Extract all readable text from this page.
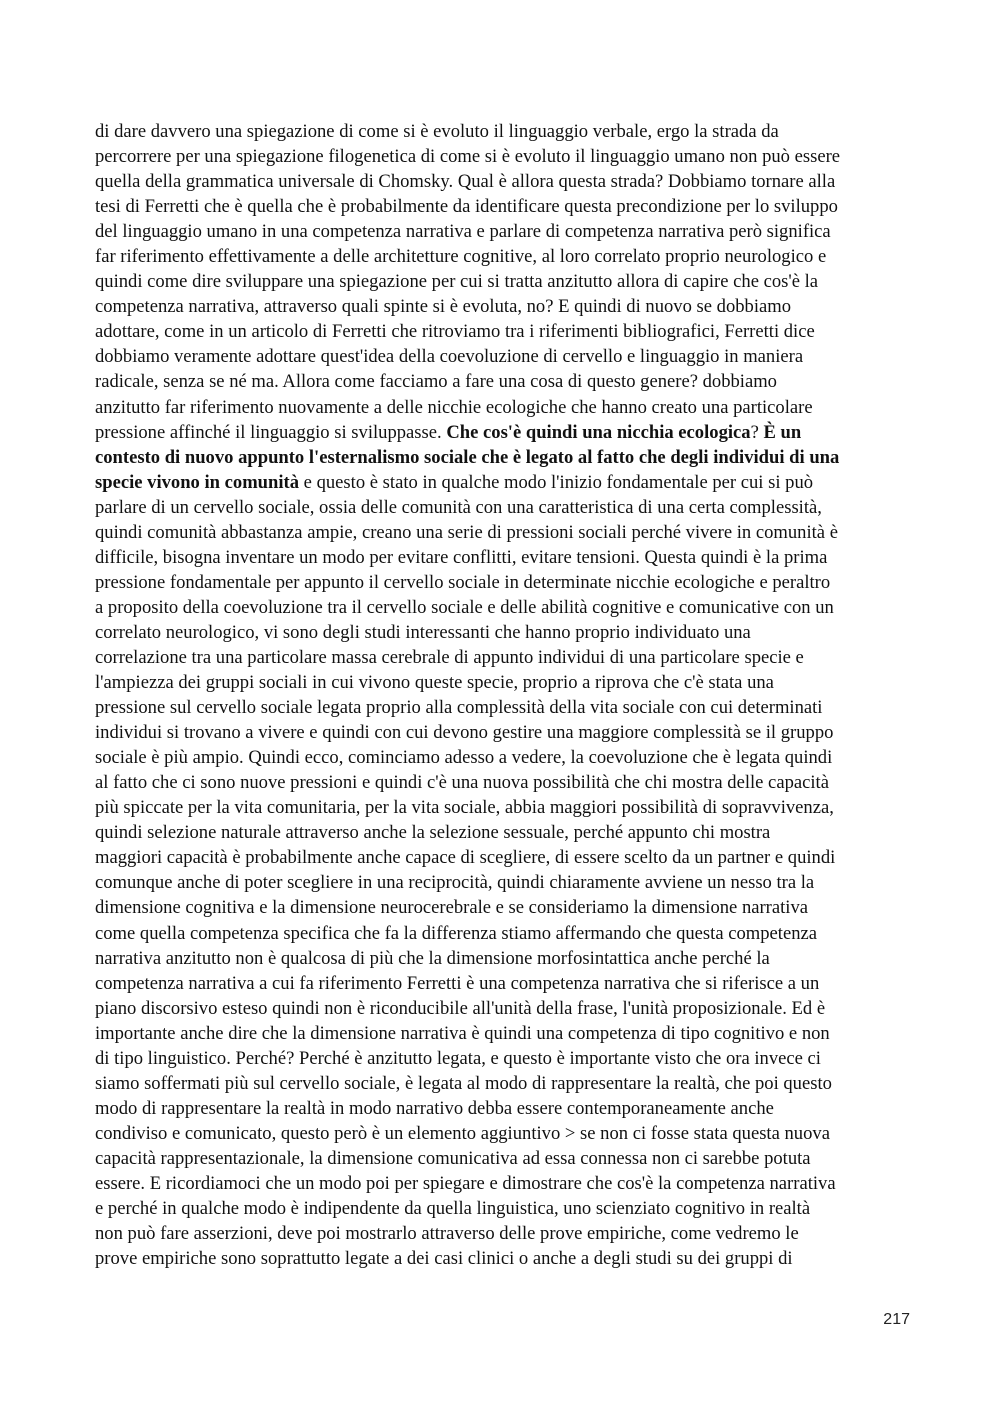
di dare davvero una spiegazione di come si è evoluto il linguaggio verbale, ergo la strada da
percorrere per una spiegazione filogenetica di come si è evoluto il linguaggio umano non può essere
quella della grammatica universale di Chomsky. Qual è allora questa strada? Dobbiamo tornare alla
tesi di Ferretti che è quella che è probabilmente da identificare questa precondizione per lo sviluppo
del linguaggio umano in una competenza narrativa e parlare di competenza narrativa però significa
far riferimento effettivamente a delle architetture cognitive, al loro correlato proprio neurologico e
quindi come dire sviluppare una spiegazione per cui si tratta anzitutto allora di capire che cos'è la
competenza narrativa, attraverso quali spinte si è evoluta, no? E quindi di nuovo se dobbiamo
adottare, come in un articolo di Ferretti che ritroviamo tra i riferimenti bibliografici, Ferretti dice
dobbiamo veramente adottare quest'idea della coevoluzione di cervello e linguaggio in maniera
radicale, senza se né ma. Allora come facciamo a fare una cosa di questo genere? dobbiamo
anzitutto far riferimento nuovamente a delle nicchie ecologiche che hanno creato una particolare
pressione affinché il linguaggio si sviluppasse. Che cos'è quindi una nicchia ecologica? È un
contesto di nuovo appunto l'esternalismo sociale che è legato al fatto che degli individui di una
specie vivono in comunità e questo è stato in qualche modo l'inizio fondamentale per cui si può
parlare di un cervello sociale, ossia delle comunità con una caratteristica di una certa complessità,
quindi comunità abbastanza ampie, creano una serie di pressioni sociali perché vivere in comunità è
difficile, bisogna inventare un modo per evitare conflitti, evitare tensioni. Questa quindi è la prima
pressione fondamentale per appunto il cervello sociale in determinate nicchie ecologiche e peraltro
a proposito della coevoluzione tra il cervello sociale e delle abilità cognitive e comunicative con un
correlato neurologico, vi sono degli studi interessanti che hanno proprio individuato una
correlazione tra una particolare massa cerebrale di appunto individui di una particolare specie e
l'ampiezza dei gruppi sociali in cui vivono queste specie, proprio a riprova che c'è stata una
pressione sul cervello sociale legata proprio alla complessità della vita sociale con cui determinati
individui si trovano a vivere e quindi con cui devono gestire una maggiore complessità se il gruppo
sociale è più ampio. Quindi ecco, cominciamo adesso a vedere, la coevoluzione che è legata quindi
al fatto che ci sono nuove pressioni e quindi c'è una nuova possibilità che chi mostra delle capacità
più spiccate per la vita comunitaria, per la vita sociale, abbia maggiori possibilità di sopravvivenza,
quindi selezione naturale attraverso anche la selezione sessuale, perché appunto chi mostra
maggiori capacità è probabilmente anche capace di scegliere, di essere scelto da un partner e quindi
comunque anche di poter scegliere in una reciprocità, quindi chiaramente avviene un nesso tra la
dimensione cognitiva e la dimensione neurocerebrale e se consideriamo la dimensione narrativa
come quella competenza specifica che fa la differenza stiamo affermando che questa competenza
narrativa anzitutto non è qualcosa di più che la dimensione morfosintattica anche perché la
competenza narrativa a cui fa riferimento Ferretti è una competenza narrativa che si riferisce a un
piano discorsivo esteso quindi non è riconducibile all'unità della frase, l'unità proposizionale. Ed è
importante anche dire che la dimensione narrativa è quindi una competenza di tipo cognitivo e non
di tipo linguistico. Perché? Perché è anzitutto legata, e questo è importante visto che ora invece ci
siamo soffermati più sul cervello sociale, è legata al modo di rappresentare la realtà, che poi questo
modo di rappresentare la realtà in modo narrativo debba essere contemporaneamente anche
condiviso e comunicato, questo però è un elemento aggiuntivo > se non ci fosse stata questa nuova
capacità rappresentazionale, la dimensione comunicativa ad essa connessa non ci sarebbe potuta
essere. E ricordiamoci che un modo poi per spiegare e dimostrare che cos'è la competenza narrativa
e perché in qualche modo è indipendente da quella linguistica, uno scienziato cognitivo in realtà
non può fare asserzioni, deve poi mostrarlo attraverso delle prove empiriche, come vedremo le
prove empiriche sono soprattutto legate a dei casi clinici o anche a degli studi su dei gruppi di
217
